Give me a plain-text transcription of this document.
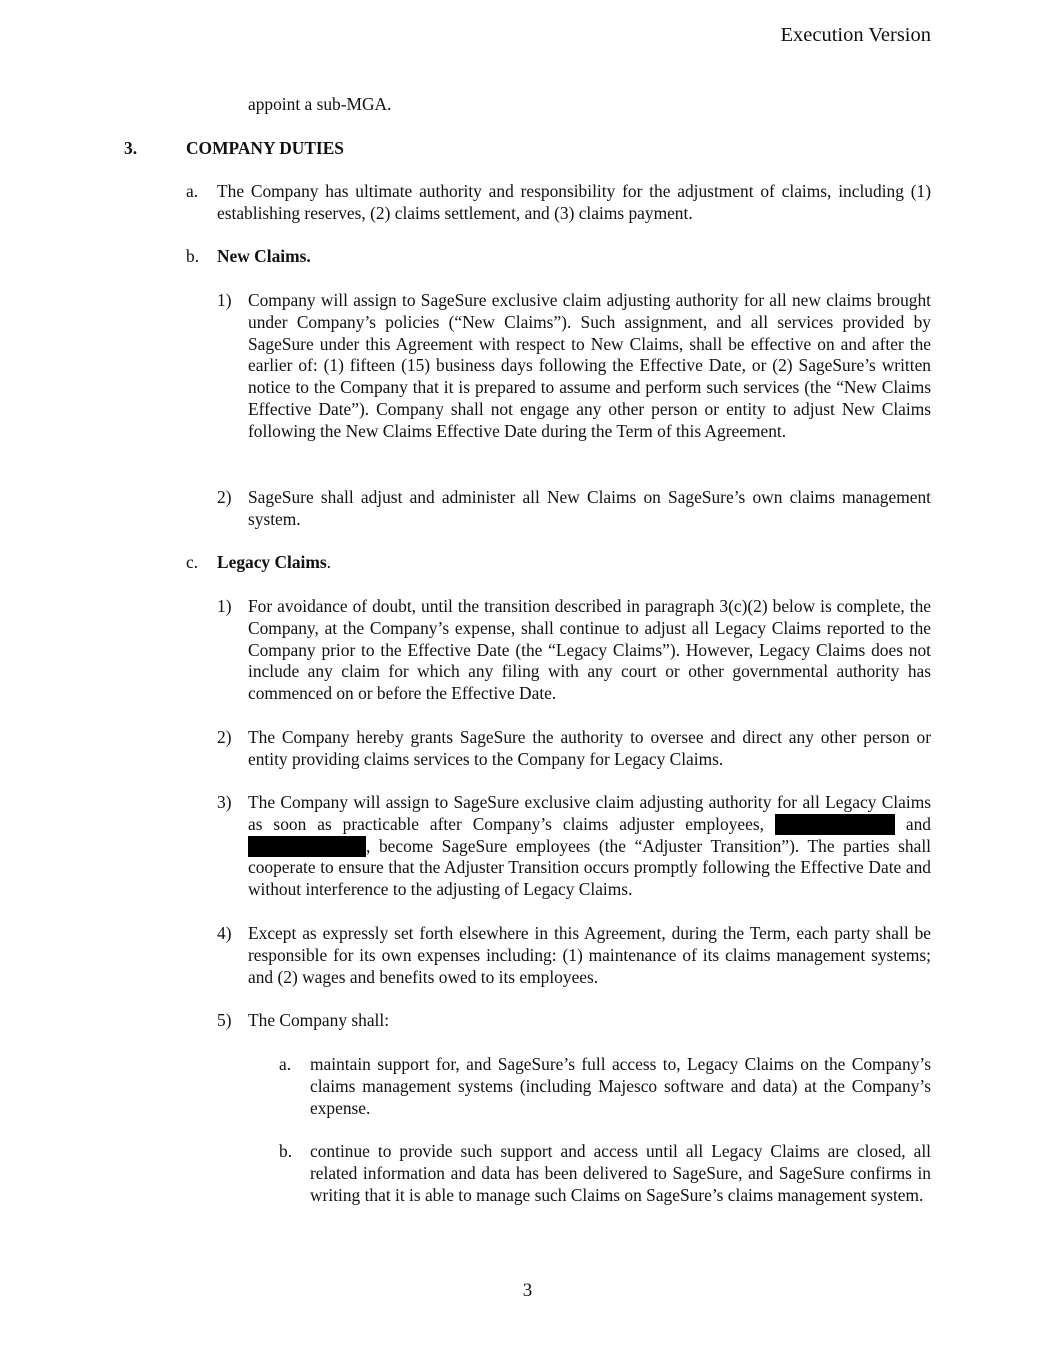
Execution Version
appoint a sub-MGA.
3.	COMPANY DUTIES
a. The Company has ultimate authority and responsibility for the adjustment of claims, including (1) establishing reserves, (2) claims settlement, and (3) claims payment.
b. New Claims.
1) Company will assign to SageSure exclusive claim adjusting authority for all new claims brought under Company’s policies (“New Claims”). Such assignment, and all services provided by SageSure under this Agreement with respect to New Claims, shall be effective on and after the earlier of: (1) fifteen (15) business days following the Effective Date, or (2) SageSure’s written notice to the Company that it is prepared to assume and perform such services (the “New Claims Effective Date”). Company shall not engage any other person or entity to adjust New Claims following the New Claims Effective Date during the Term of this Agreement.
2) SageSure shall adjust and administer all New Claims on SageSure’s own claims management system.
c. Legacy Claims.
1) For avoidance of doubt, until the transition described in paragraph 3(c)(2) below is complete, the Company, at the Company’s expense, shall continue to adjust all Legacy Claims reported to the Company prior to the Effective Date (the “Legacy Claims”). However, Legacy Claims does not include any claim for which any filing with any court or other governmental authority has commenced on or before the Effective Date.
2) The Company hereby grants SageSure the authority to oversee and direct any other person or entity providing claims services to the Company for Legacy Claims.
3) The Company will assign to SageSure exclusive claim adjusting authority for all Legacy Claims as soon as practicable after Company’s claims adjuster employees,	and , become SageSure employees (the “Adjuster Transition”). The parties shall cooperate to ensure that the Adjuster Transition occurs promptly following the Effective Date and without interference to the adjusting of Legacy Claims.
4) Except as expressly set forth elsewhere in this Agreement, during the Term, each party shall be responsible for its own expenses including: (1) maintenance of its claims management systems; and (2) wages and benefits owed to its employees.
5) The Company shall:
a. maintain support for, and SageSure’s full access to, Legacy Claims on the Company’s claims management systems (including Majesco software and data) at the Company’s expense.
b. continue to provide such support and access until all Legacy Claims are closed, all related information and data has been delivered to SageSure, and SageSure confirms in writing that it is able to manage such Claims on SageSure’s claims management system.
3
